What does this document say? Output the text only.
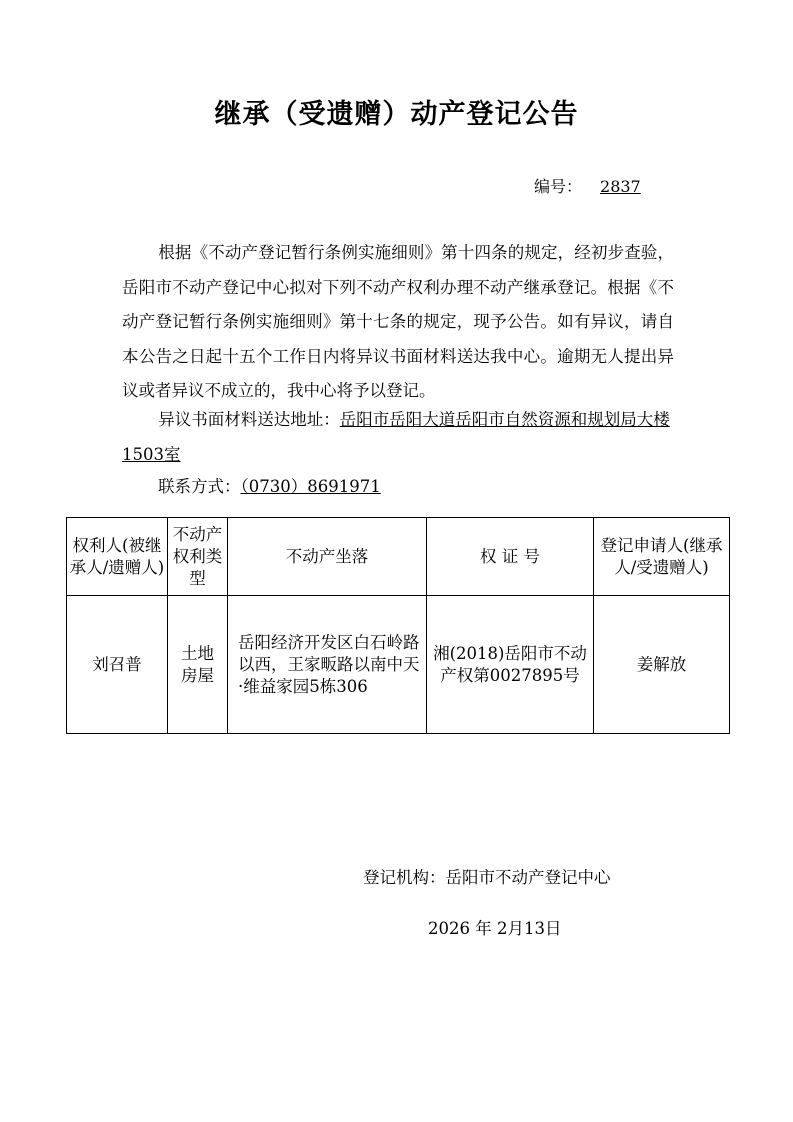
继承（受遗赠）动产登记公告
编号： 2837
根据《不动产登记暂行条例实施细则》第十四条的规定，经初步查验，岳阳市不动产登记中心拟对下列不动产权利办理不动产继承登记。根据《不动产登记暂行条例实施细则》第十七条的规定，现予公告。如有异议，请自本公告之日起十五个工作日内将异议书面材料送达我中心。逾期无人提出异议或者异议不成立的，我中心将予以登记。
异议书面材料送达地址：岳阳市岳阳大道岳阳市自然资源和规划局大楼1503室
联系方式：（0730）8691971
权利人(被继承人/遗赠人)	不动产权利类型	不动产坐落	权 证 号	登记申请人(继承人/受遗赠人)
刘召普	土地房屋	岳阳经济开发区白石岭路以西，王家畈路以南中天·维益家园5栋306	湘(2018)岳阳市不动产权第0027895号	姜解放
登记机构：岳阳市不动产登记中心
2026 年 2月13日
